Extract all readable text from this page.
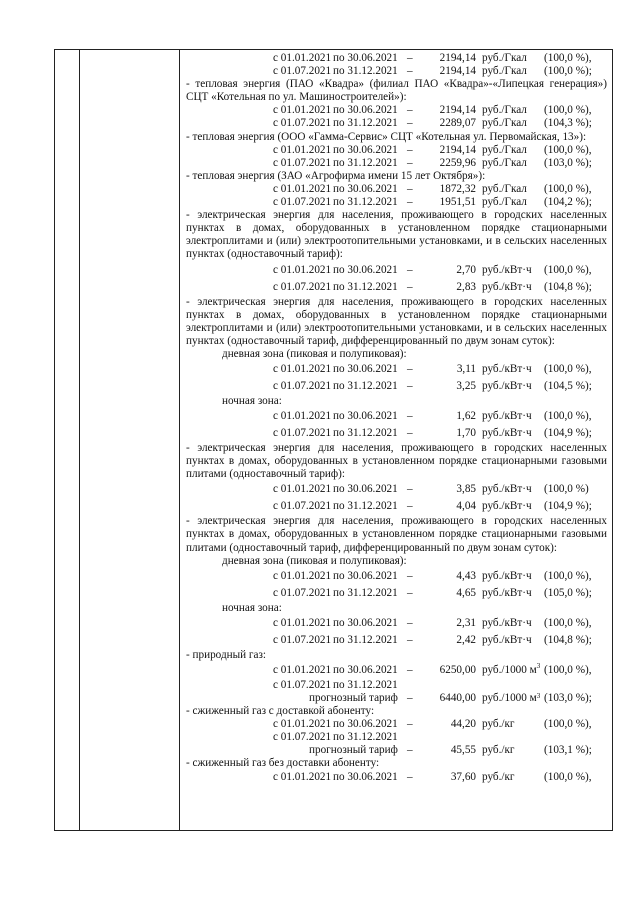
с 01.01.2021 по 30.06.2021 –	2194,14 руб./Гкал (100,0 %),
с 01.07.2021 по 31.12.2021 –	2194,14 руб./Гкал (100,0 %);

- тепловая энергия (ПАО «Квадра» (филиал ПАО «Квадра»-«Липецкая генерация») СЦТ «Котельная по ул. Машиностроителей»):

с 01.01.2021 по 30.06.2021 –	2194,14 руб./Гкал (100,0 %),
с 01.07.2021 по 31.12.2021 –	2289,07 руб./Гкал (104,3 %);

- тепловая энергия (ООО «Гамма-Сервис» СЦТ «Котельная ул. Первомайская, 13»):

с 01.01.2021 по 30.06.2021 –	2194,14 руб./Гкал (100,0 %),
с 01.07.2021 по 31.12.2021 –	2259,96 руб./Гкал (103,0 %);

- тепловая энергия (ЗАО «Агрофирма имени 15 лет Октября»):

с 01.01.2021 по 30.06.2021 –	1872,32 руб./Гкал (100,0 %),
с 01.07.2021 по 31.12.2021 –	1951,51 руб./Гкал (104,2 %);

- электрическая энергия для населения, проживающего в городских населенных пунктах в домах, оборудованных в установленном порядке стационарными электроплитами и (или) электроотопительными установками, и в сельских населенных пунктах (одноставочный тариф):

с 01.01.2021 по 30.06.2021 –	2,70 руб./кВт·ч (100,0 %),
с 01.07.2021 по 31.12.2021 –	2,83 руб./кВт·ч (104,8 %);

- электрическая энергия для населения, проживающего в городских населенных пунктах в домах, оборудованных в установленном порядке стационарными электроплитами и (или) электроотопительными установками, и в сельских населенных пунктах (одноставочный тариф, дифференцированный по двум зонам суток):

дневная зона (пиковая и полупиковая):

с 01.01.2021 по 30.06.2021 –	3,11 руб./кВт·ч (100,0 %),
с 01.07.2021 по 31.12.2021 –	3,25 руб./кВт·ч (104,5 %);

ночная зона:

с 01.01.2021 по 30.06.2021 –	1,62 руб./кВт·ч (100,0 %),
с 01.07.2021 по 31.12.2021 –	1,70 руб./кВт·ч (104,9 %);

- электрическая энергия для населения, проживающего в городских населенных пунктах в домах, оборудованных в установленном порядке стационарными газовыми плитами (одноставочный тариф):

с 01.01.2021 по 30.06.2021 –	3,85 руб./кВт·ч (100,0 %)
с 01.07.2021 по 31.12.2021 –	4,04 руб./кВт·ч (104,9 %);

- электрическая энергия для населения, проживающего в городских населенных пунктах в домах, оборудованных в установленном порядке стационарными газовыми плитами (одноставочный тариф, дифференцированный по двум зонам суток):

дневная зона (пиковая и полупиковая):

с 01.01.2021 по 30.06.2021 –	4,43 руб./кВт·ч (100,0 %),
с 01.07.2021 по 31.12.2021 –	4,65 руб./кВт·ч (105,0 %);

ночная зона:

с 01.01.2021 по 30.06.2021 –	2,31 руб./кВт·ч (100,0 %),
с 01.07.2021 по 31.12.2021 –	2,42 руб./кВт·ч (104,8 %);

- природный газ:

с 01.01.2021 по 30.06.2021 –	6250,00 руб./1000 $м^3$ (100,0 %),
с 01.07.2021 по 31.12.2021
прогнозный тариф –	6440,00 руб./1000 $м^3$ (103,0 %);

- сжиженный газ с доставкой абоненту:

с 01.01.2021 по 30.06.2021 –	44,20 руб./кг	(100,0 %),
с 01.07.2021 по 31.12.2021
прогнозный тариф –	45,55 руб./кг	(103,1 %);

- сжиженный газ без доставки абоненту:

с 01.01.2021 по 30.06.2021 –	37,60 руб./кг	(100,0 %),
